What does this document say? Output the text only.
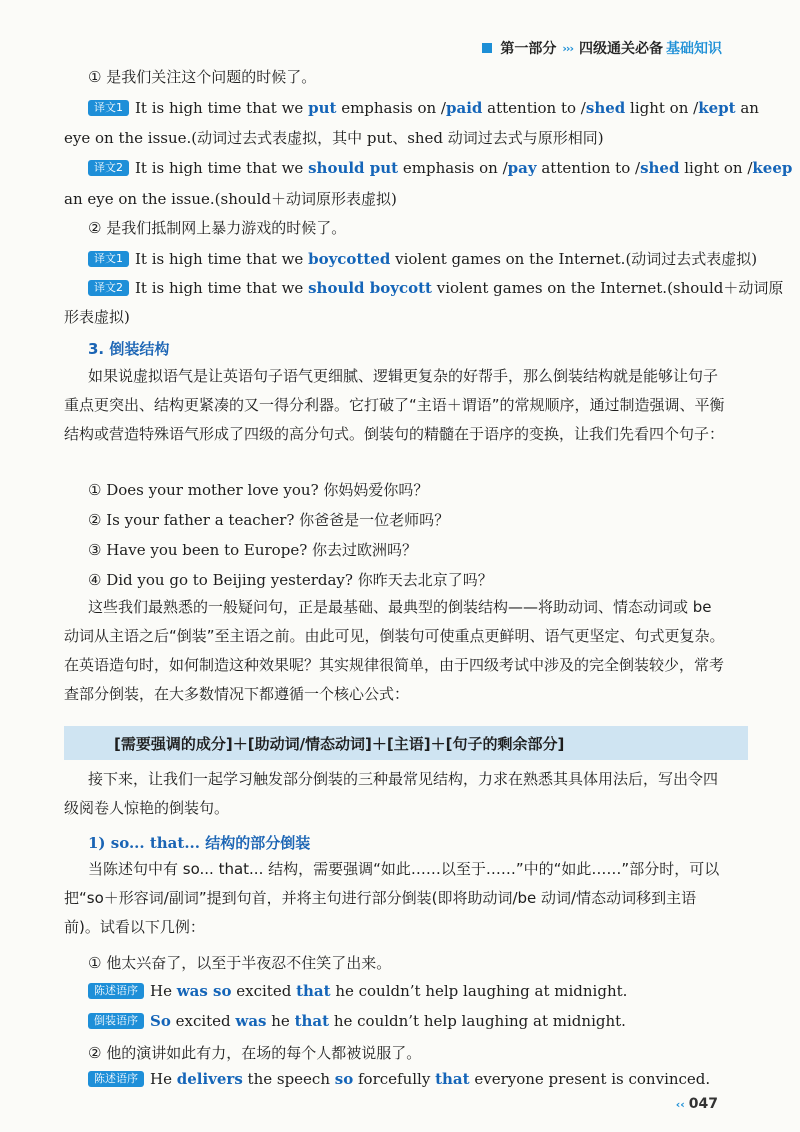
第一部分 ››› 四级通关必备 基础知识
① 是我们关注这个问题的时候了。
译文1 It is high time that we put emphasis on /paid attention to /shed light on /kept an
eye on the issue.(动词过去式表虚拟，其中 put、shed 动词过去式与原形相同)
译文2 It is high time that we should put emphasis on /pay attention to /shed light on /keep
an eye on the issue.(should＋动词原形表虚拟)
② 是我们抵制网上暴力游戏的时候了。
译文1 It is high time that we boycotted violent games on the Internet.(动词过去式表虚拟)
译文2 It is high time that we should boycott violent games on the Internet.(should＋动词原
形表虚拟)
3. 倒装结构
如果说虚拟语气是让英语句子语气更细腻、逻辑更复杂的好帮手，那么倒装结构就是能够让句子重点更突出、结构更紧凑的又一得分利器。它打破了“主语＋谓语”的常规顺序，通过制造强调、平衡结构或营造特殊语气形成了四级的高分句式。倒装句的精髓在于语序的变换，让我们先看四个句子：
① Does your mother love you? 你妈妈爱你吗？
② Is your father a teacher? 你爸爸是一位老师吗？
③ Have you been to Europe? 你去过欧洲吗？
④ Did you go to Beijing yesterday? 你昨天去北京了吗？
这些我们最熟悉的一般疑问句，正是最基础、最典型的倒装结构——将助动词、情态动词或 be 动词从主语之后“倒装”至主语之前。由此可见，倒装句可使重点更鲜明、语气更坚定、句式更复杂。在英语造句时，如何制造这种效果呢？其实规律很简单，由于四级考试中涉及的完全倒装较少，常考查部分倒装，在大多数情况下都遵循一个核心公式：
[需要强调的成分]＋[助动词/情态动词]＋[主语]＋[句子的剩余部分]
接下来，让我们一起学习触发部分倒装的三种最常见结构，力求在熟悉其具体用法后，写出令四级阅卷人惊艳的倒装句。
1) so... that... 结构的部分倒装
当陈述句中有 so... that... 结构，需要强调“如此……以至于……”中的“如此……”部分时，可以把“so＋形容词/副词”提到句首，并将主句进行部分倒装(即将助动词/be 动词/情态动词移到主语前)。试看以下几例：
① 他太兴奋了，以至于半夜忍不住笑了出来。
陈述语序 He was so excited that he couldn’t help laughing at midnight.
倒装语序 So excited was he that he couldn’t help laughing at midnight.
② 他的演讲如此有力，在场的每个人都被说服了。
陈述语序 He delivers the speech so forcefully that everyone present is convinced.
‹‹ 047
